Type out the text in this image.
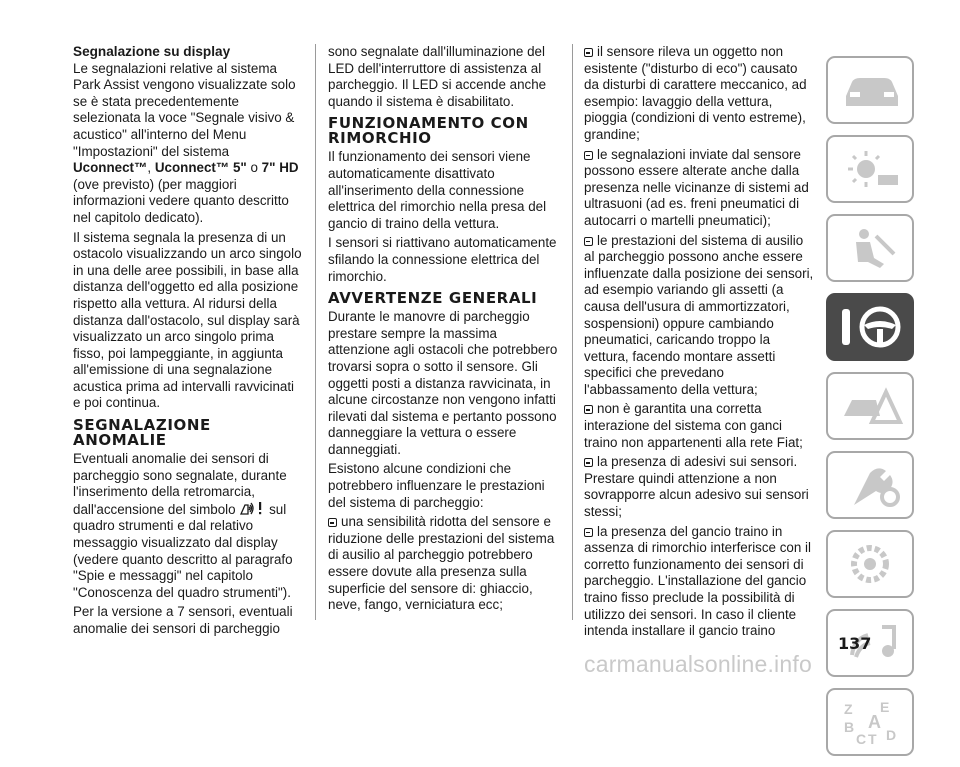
Segnalazione su display

Le segnalazioni relative al sistema Park Assist vengono visualizzate solo se è stata precedentemente selezionata la voce "Segnale visivo & acustico" all'interno del Menu "Impostazioni" del sistema Uconnect™, Uconnect™ 5" o 7" HD (ove previsto) (per maggiori informazioni vedere quanto descritto nel capitolo dedicato).

Il sistema segnala la presenza di un ostacolo visualizzando un arco singolo in una delle aree possibili, in base alla distanza dell'oggetto ed alla posizione rispetto alla vettura. Al ridursi della distanza dall'ostacolo, sul display sarà visualizzato un arco singolo prima fisso, poi lampeggiante, in aggiunta all'emissione di una segnalazione acustica prima ad intervalli ravvicinati e poi continua.

SEGNALAZIONE ANOMALIE

Eventuali anomalie dei sensori di parcheggio sono segnalate, durante l'inserimento della retromarcia, dall'accensione del simbolo sul quadro strumenti e dal relativo messaggio visualizzato dal display (vedere quanto descritto al paragrafo "Spie e messaggi" nel capitolo "Conoscenza del quadro strumenti").

Per la versione a 7 sensori, eventuali anomalie dei sensori di parcheggio

sono segnalate dall'illuminazione del LED dell'interruttore di assistenza al parcheggio. Il LED si accende anche quando il sistema è disabilitato.

FUNZIONAMENTO CON RIMORCHIO

Il funzionamento dei sensori viene automaticamente disattivato all'inserimento della connessione elettrica del rimorchio nella presa del gancio di traino della vettura.

I sensori si riattivano automaticamente sfilando la connessione elettrica del rimorchio.

AVVERTENZE GENERALI

Durante le manovre di parcheggio prestare sempre la massima attenzione agli ostacoli che potrebbero trovarsi sopra o sotto il sensore. Gli oggetti posti a distanza ravvicinata, in alcune circostanze non vengono infatti rilevati dal sistema e pertanto possono danneggiare la vettura o essere danneggiati.

Esistono alcune condizioni che potrebbero influenzare le prestazioni del sistema di parcheggio:

una sensibilità ridotta del sensore e riduzione delle prestazioni del sistema di ausilio al parcheggio potrebbero essere dovute alla presenza sulla superficie del sensore di: ghiaccio, neve, fango, verniciatura ecc;

il sensore rileva un oggetto non esistente ("disturbo di eco") causato da disturbi di carattere meccanico, ad esempio: lavaggio della vettura, pioggia (condizioni di vento estreme), grandine;

le segnalazioni inviate dal sensore possono essere alterate anche dalla presenza nelle vicinanze di sistemi ad ultrasuoni (ad es. freni pneumatici di autocarri o martelli pneumatici);

le prestazioni del sistema di ausilio al parcheggio possono anche essere influenzate dalla posizione dei sensori, ad esempio variando gli assetti (a causa dell'usura di ammortizzatori, sospensioni) oppure cambiando pneumatici, caricando troppo la vettura, facendo montare assetti specifici che prevedano l'abbassamento della vettura;

non è garantita una corretta interazione del sistema con ganci traino non appartenenti alla rete Fiat;

la presenza di adesivi sui sensori. Prestare quindi attenzione a non sovrapporre alcun adesivo sui sensori stessi;

la presenza del gancio traino in assenza di rimorchio interferisce con il corretto funzionamento dei sensori di parcheggio. L'installazione del gancio traino fisso preclude la possibilità di utilizzo dei sensori. In caso il cliente intenda installare il gancio traino

Z E
B A
C T D
137
carmanualsonline.info
